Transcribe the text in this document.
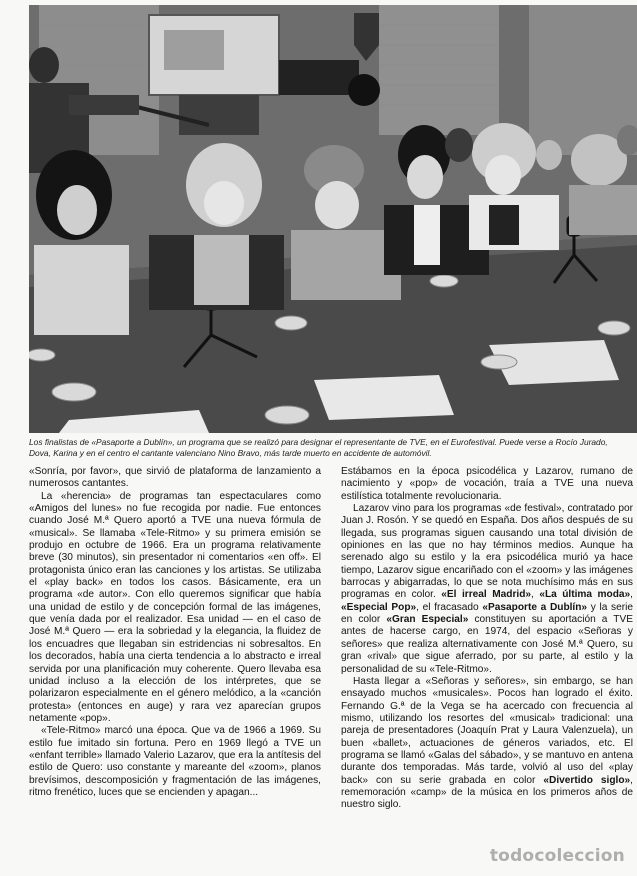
Los finalistas de «Pasaporte a Dublín», un programa que se realizó para designar el representante de TVE, en el Eurofestival. Puede verse a Rocío Jurado, Dova, Karina y en el centro el cantante valenciano Nino Bravo, más tarde muerto en accidente de automóvil.

«Sonría, por favor», que sirvió de plataforma de lanzamiento a numerosos cantantes.

La «herencia» de programas tan espectaculares como «Amigos del lunes» no fue recogida por nadie. Fue entonces cuando José M.ª Quero aportó a TVE una nueva fórmula de «musical». Se llamaba «Tele-Ritmo» y su primera emisión se produjo en octubre de 1966. Era un programa relativamente breve (30 minutos), sin presentador ni comentarios «en off». El protagonista único eran las canciones y los artistas. Se utilizaba el «play back» en todos los casos. Básicamente, era un programa «de autor». Con ello queremos significar que había una unidad de estilo y de concepción formal de las imágenes, que venía dada por el realizador. Esa unidad — en el caso de José M.ª Quero — era la sobriedad y la elegancia, la fluidez de los encuadres que llegaban sin estridencias ni sobresaltos. En los decorados, había una cierta tendencia a lo abstracto e irreal servida por una planificación muy coherente. Quero llevaba esa unidad incluso a la elección de los intérpretes, que se polarizaron especialmente en el género melódico, a la «canción protesta» (entonces en auge) y rara vez aparecían grupos netamente «pop».

«Tele-Ritmo» marcó una época. Que va de 1966 a 1969. Su estilo fue imitado sin fortuna. Pero en 1969 llegó a TVE un «enfant terrible» llamado Valerio Lazarov, que era la antítesis del estilo de Quero: uso constante y mareante del «zoom», planos brevísimos, descomposición y fragmentación de las imágenes, ritmo frenético, luces que se encienden y apagan...

Estábamos en la época psicodélica y Lazarov, rumano de nacimiento y «pop» de vocación, traía a TVE una nueva estilística totalmente revolucionaria.

Lazarov vino para los programas «de festival», contratado por Juan J. Rosón. Y se quedó en España. Dos años después de su llegada, sus programas siguen causando una total división de opiniones en las que no hay términos medios. Aunque ha serenado algo su estilo y la era psicodélica murió ya hace tiempo, Lazarov sigue encariñado con el «zoom» y las imágenes barrocas y abigarradas, lo que se nota muchísimo más en sus programas en color. «El irreal Madrid», «La última moda», «Especial Pop», el fracasado «Pasaporte a Dublín» y la serie en color «Gran Especial» constituyen su aportación a TVE antes de hacerse cargo, en 1974, del espacio «Señoras y señores» que realiza alternativamente con José M.ª Quero, su gran «rival» que sigue aferrado, por su parte, al estilo y la personalidad de su «Tele-Ritmo».

Hasta llegar a «Señoras y señores», sin embargo, se han ensayado muchos «musicales». Pocos han logrado el éxito. Fernando G.ª de la Vega se ha acercado con frecuencia al mismo, utilizando los resortes del «musical» tradicional: una pareja de presentadores (Joaquín Prat y Laura Valenzuela), un buen «ballet», actuaciones de géneros variados, etc. El programa se llamó «Galas del sábado», y se mantuvo en antena durante dos temporadas. Más tarde, volvió al uso del «play back» con su serie grabada en color «Divertido siglo», rememoración «camp» de la música en los primeros años de nuestro siglo.

todocoleccion
